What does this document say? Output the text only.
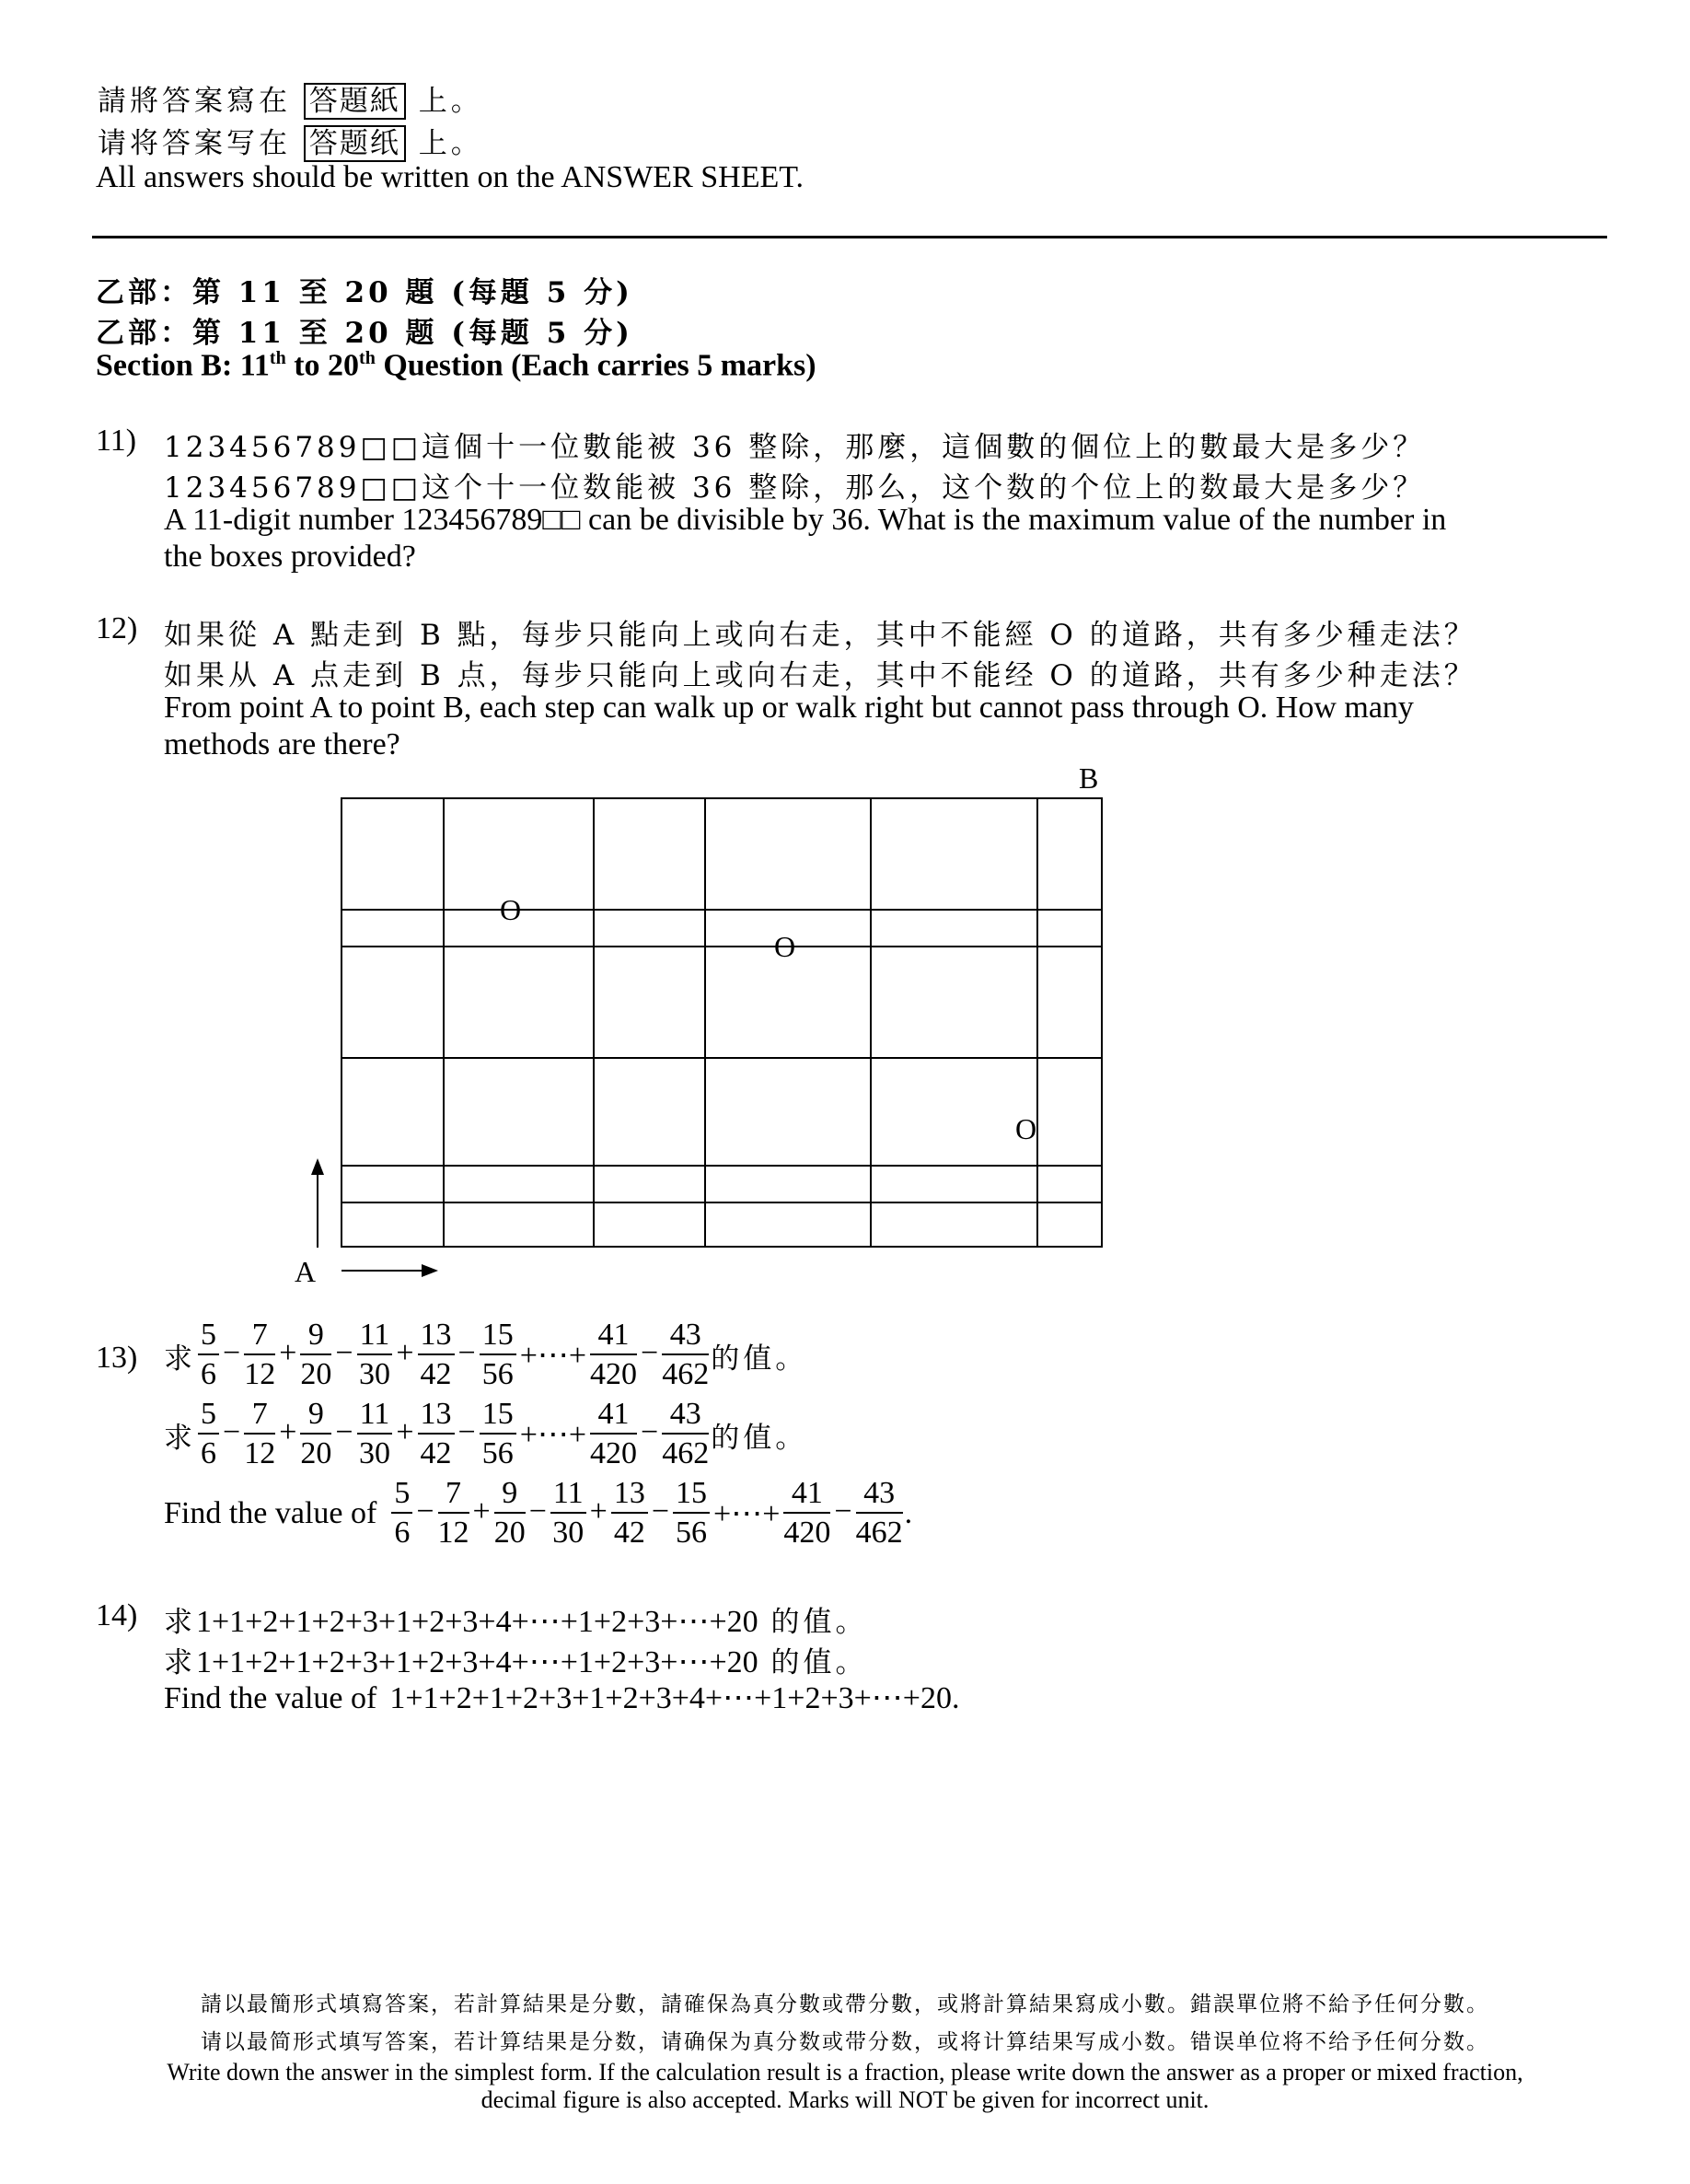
請將答案寫在 答題紙 上。
请将答案写在 答题纸 上。
All answers should be written on the ANSWER SHEET.
乙部：第 11 至 20 題 (每題 5 分)
乙部：第 11 至 20 题 (每题 5 分)
Section B: 11th to 20th Question (Each carries 5 marks)
11) 123456789□□這個十一位數能被 36 整除，那麼，這個數的個位上的數最大是多少？
123456789□□这个十一位数能被 36 整除，那么，这个数的个位上的数最大是多少？
A 11-digit number 123456789□□ can be divisible by 36. What is the maximum value of the number in
the boxes provided?
12) 如果從 A 點走到 B 點，每步只能向上或向右走，其中不能經 O 的道路，共有多少種走法？
如果从 A 点走到 B 点，每步只能向上或向右走，其中不能经 O 的道路，共有多少种走法？
From point A to point B, each step can walk up or walk right but cannot pass through O. How many
methods are there?
A
B
O
O
O
13) 求 $\frac{5}{6} - \frac{7}{12} + \frac{9}{20} - \frac{11}{30} + \frac{13}{42} - \frac{15}{56}$ +⋯+ $\frac{41}{420} - \frac{43}{462}$ 的值。
求 $\frac{5}{6} - \frac{7}{12} + \frac{9}{20} - \frac{11}{30} + \frac{13}{42} - \frac{15}{56}$ +⋯+ $\frac{41}{420} - \frac{43}{462}$ 的值。
Find the value of $\frac{5}{6} - \frac{7}{12} + \frac{9}{20} - \frac{11}{30} + \frac{13}{42} - \frac{15}{56}$ +⋯+ $\frac{41}{420} - \frac{43}{462}$ .
14) 求1+1+2+1+2+3+1+2+3+4+⋯+1+2+3+⋯+20 的值。
求1+1+2+1+2+3+1+2+3+4+⋯+1+2+3+⋯+20 的值。
Find the value of 1+1+2+1+2+3+1+2+3+4+⋯+1+2+3+⋯+20.
請以最簡形式填寫答案，若計算結果是分數，請確保為真分數或帶分數，或將計算結果寫成小數。錯誤單位將不給予任何分數。
请以最简形式填写答案，若计算结果是分数，请确保为真分数或带分数，或将计算结果写成小数。错误单位将不给予任何分数。
Write down the answer in the simplest form. If the calculation result is a fraction, please write down the answer as a proper or mixed fraction,
decimal figure is also accepted. Marks will NOT be given for incorrect unit.
